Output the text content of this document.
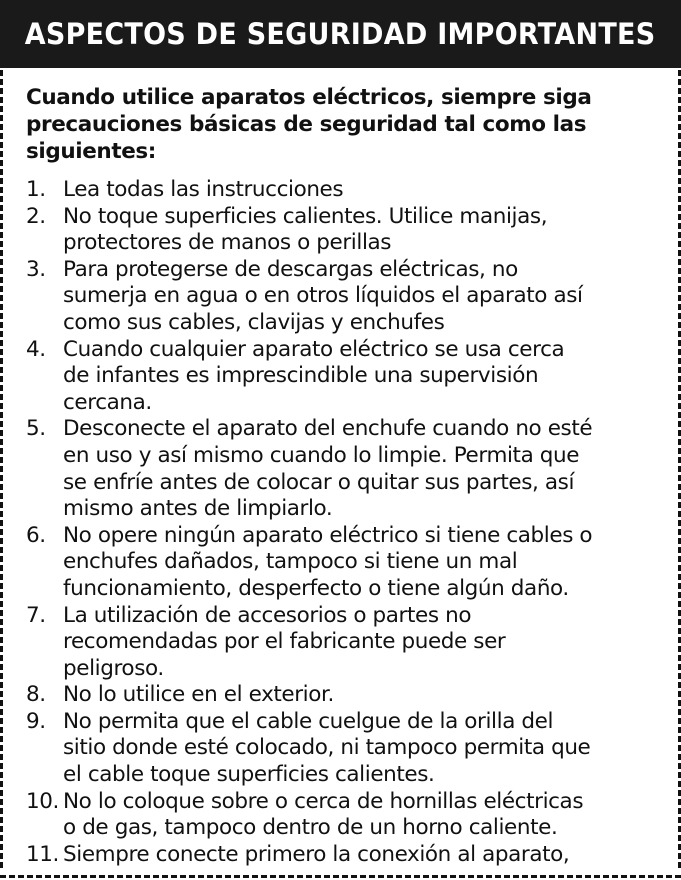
ASPECTOS DE SEGURIDAD IMPORTANTES

Cuando utilice aparatos eléctricos, siempre siga
precauciones básicas de seguridad tal como las
siguientes:

1. Lea todas las instrucciones
2. No toque superficies calientes. Utilice manijas,
protectores de manos o perillas
3. Para protegerse de descargas eléctricas, no
sumerja en agua o en otros líquidos el aparato así
como sus cables, clavijas y enchufes
4. Cuando cualquier aparato eléctrico se usa cerca
de infantes es imprescindible una supervisión
cercana.
5. Desconecte el aparato del enchufe cuando no esté
en uso y así mismo cuando lo limpie. Permita que
se enfríe antes de colocar o quitar sus partes, así
mismo antes de limpiarlo.
6. No opere ningún aparato eléctrico si tiene cables o
enchufes dañados, tampoco si tiene un mal
funcionamiento, desperfecto o tiene algún daño.
7. La utilización de accesorios o partes no
recomendadas por el fabricante puede ser
peligroso.
8. No lo utilice en el exterior.
9. No permita que el cable cuelgue de la orilla del
sitio donde esté colocado, ni tampoco permita que
el cable toque superficies calientes.
10. No lo coloque sobre o cerca de hornillas eléctricas
o de gas, tampoco dentro de un horno caliente.
11. Siempre conecte primero la conexión al aparato,
